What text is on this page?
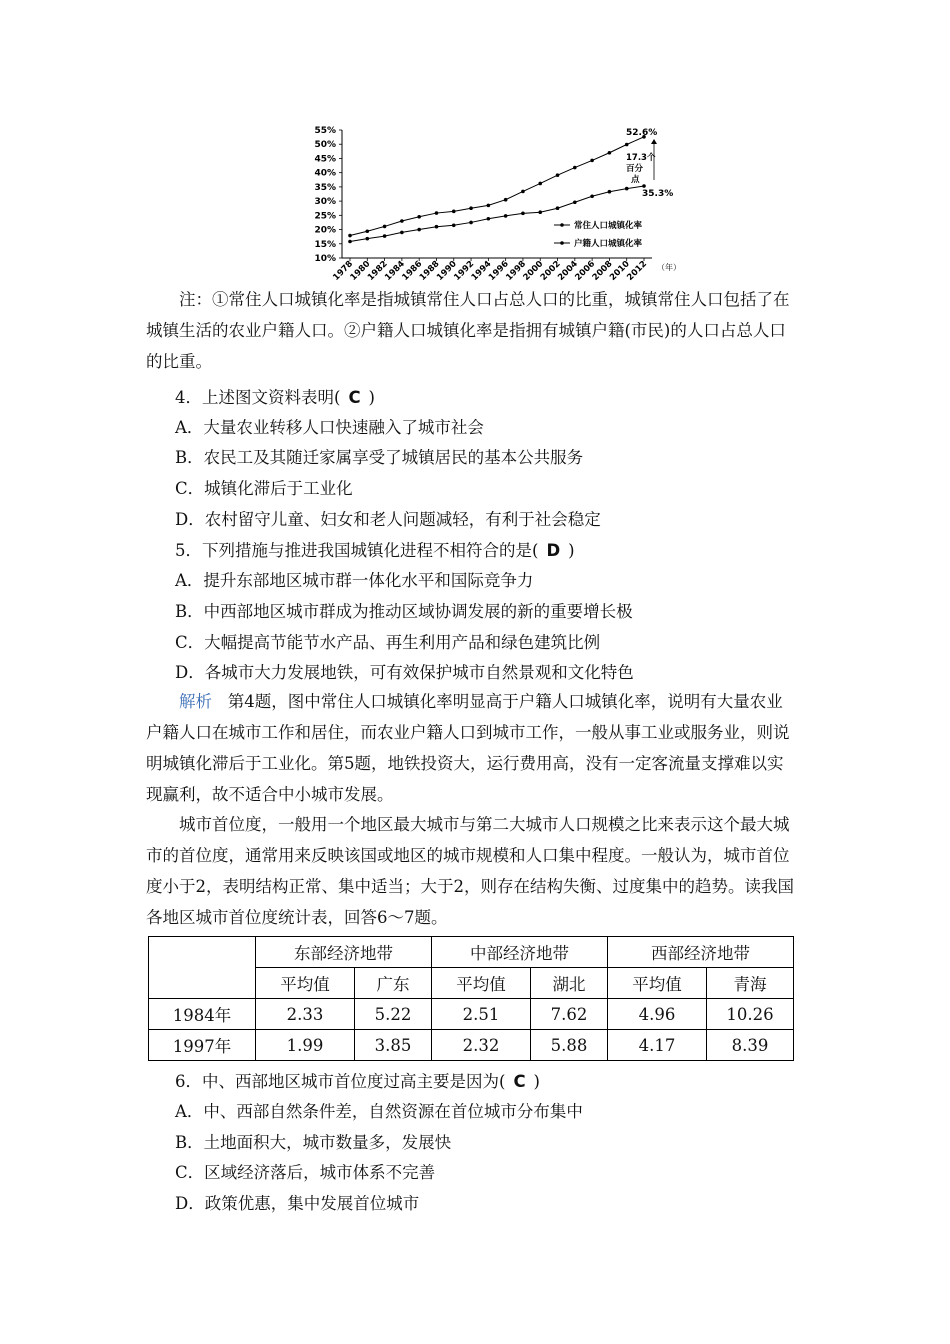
55%
50%
45%
40%
35%
30%
25%
20%
15%
10%
1978
1980
1982
1984
1986
1988
1990
1992
1994
1996
1998
2000
2002
2004
2006
2008
2010
2012 （年）
52.6%
35.3%
17.3个
百分
点
常住人口城镇化率
户籍人口城镇化率
注：①常住人口城镇化率是指城镇常住人口占总人口的比重，城镇常住人口包括了在
城镇生活的农业户籍人口。②户籍人口城镇化率是指拥有城镇户籍(市民)的人口占总人口
的比重。
4．上述图文资料表明( C )
A．大量农业转移人口快速融入了城市社会
B．农民工及其随迁家属享受了城镇居民的基本公共服务
C．城镇化滞后于工业化
D．农村留守儿童、妇女和老人问题减轻，有利于社会稳定
5．下列措施与推进我国城镇化进程不相符合的是( D )
A．提升东部地区城市群一体化水平和国际竞争力
B．中西部地区城市群成为推动区域协调发展的新的重要增长极
C．大幅提高节能节水产品、再生利用产品和绿色建筑比例
D．各城市大力发展地铁，可有效保护城市自然景观和文化特色
解析 第4题，图中常住人口城镇化率明显高于户籍人口城镇化率，说明有大量农业
户籍人口在城市工作和居住，而农业户籍人口到城市工作，一般从事工业或服务业，则说
明城镇化滞后于工业化。第5题，地铁投资大，运行费用高，没有一定客流量支撑难以实
现赢利，故不适合中小城市发展。
城市首位度，一般用一个地区最大城市与第二大城市人口规模之比来表示这个最大城
市的首位度，通常用来反映该国或地区的城市规模和人口集中程度。一般认为，城市首位
度小于2，表明结构正常、集中适当；大于2，则存在结构失衡、过度集中的趋势。读我国
各地区城市首位度统计表，回答6～7题。
	东部经济地带		中部经济地带		西部经济地带	
	平均值	广东	平均值	湖北	平均值	青海
1984年	2.33	5.22	2.51	7.62	4.96	10.26
1997年	1.99	3.85	2.32	5.88	4.17	8.39
6．中、西部地区城市首位度过高主要是因为( C )
A．中、西部自然条件差，自然资源在首位城市分布集中
B．土地面积大，城市数量多，发展快
C．区域经济落后，城市体系不完善
D．政策优惠，集中发展首位城市
